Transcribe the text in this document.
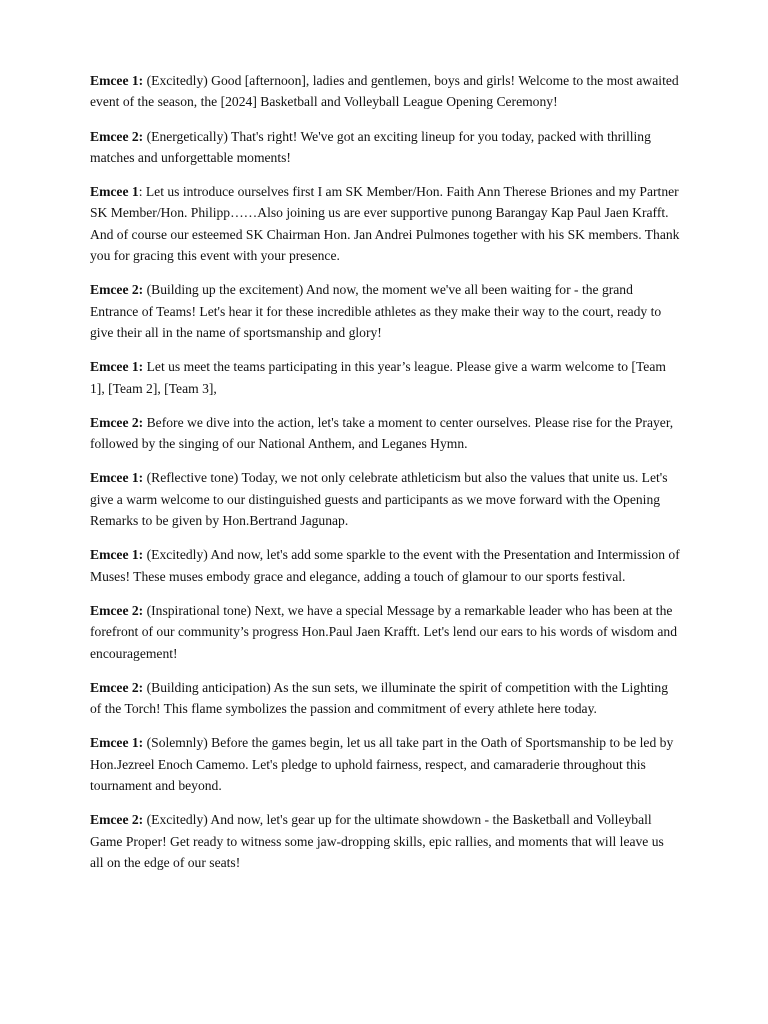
Emcee 1: (Excitedly) Good [afternoon], ladies and gentlemen, boys and girls! Welcome to the most awaited event of the season, the [2024] Basketball and Volleyball League Opening Ceremony!

Emcee 2: (Energetically) That's right! We've got an exciting lineup for you today, packed with thrilling matches and unforgettable moments!

Emcee 1: Let us introduce ourselves first I am SK Member/Hon. Faith Ann Therese Briones and my Partner SK Member/Hon. Philipp……Also joining us are ever supportive punong Barangay Kap Paul Jaen Krafft. And of course our esteemed SK Chairman Hon. Jan Andrei Pulmones together with his SK members. Thank you for gracing this event with your presence.

Emcee 2: (Building up the excitement) And now, the moment we've all been waiting for - the grand Entrance of Teams! Let's hear it for these incredible athletes as they make their way to the court, ready to give their all in the name of sportsmanship and glory!

Emcee 1: Let us meet the teams participating in this year’s league. Please give a warm welcome to [Team 1], [Team 2], [Team 3],

Emcee 2: Before we dive into the action, let's take a moment to center ourselves. Please rise for the Prayer, followed by the singing of our National Anthem, and Leganes Hymn.

Emcee 1: (Reflective tone) Today, we not only celebrate athleticism but also the values that unite us. Let's give a warm welcome to our distinguished guests and participants as we move forward with the Opening Remarks to be given by Hon.Bertrand Jagunap.

Emcee 1: (Excitedly) And now, let's add some sparkle to the event with the Presentation and Intermission of Muses! These muses embody grace and elegance, adding a touch of glamour to our sports festival.

Emcee 2: (Inspirational tone) Next, we have a special Message by a remarkable leader who has been at the forefront of our community’s progress Hon.Paul Jaen Krafft. Let's lend our ears to his words of wisdom and encouragement!

Emcee 2: (Building anticipation) As the sun sets, we illuminate the spirit of competition with the Lighting of the Torch! This flame symbolizes the passion and commitment of every athlete here today.

Emcee 1: (Solemnly) Before the games begin, let us all take part in the Oath of Sportsmanship to be led by Hon.Jezreel Enoch Camemo. Let's pledge to uphold fairness, respect, and camaraderie throughout this tournament and beyond.

Emcee 2: (Excitedly) And now, let's gear up for the ultimate showdown - the Basketball and Volleyball Game Proper! Get ready to witness some jaw-dropping skills, epic rallies, and moments that will leave us all on the edge of our seats!
